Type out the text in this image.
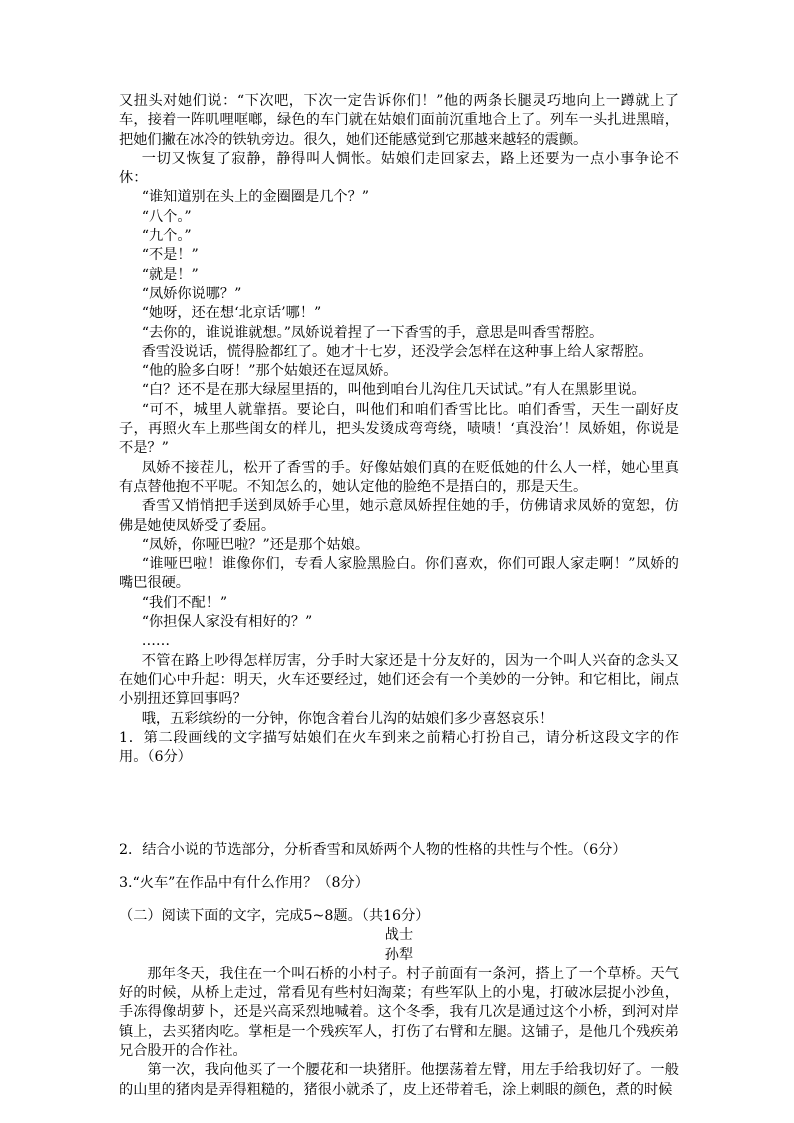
又扭头对她们说：“下次吧，下次一定告诉你们！”他的两条长腿灵巧地向上一蹲就上了车，接着一阵叽哩哐啷，绿色的车门就在姑娘们面前沉重地合上了。列车一头扎进黑暗，把她们撇在冰冷的铁轨旁边。很久，她们还能感觉到它那越来越轻的震颤。

一切又恢复了寂静，静得叫人惆怅。姑娘们走回家去，路上还要为一点小事争论不休：

“谁知道别在头上的金圈圈是几个？”

“八个。”

“九个。”

“不是！”

“就是！”

“凤娇你说哪？”

“她呀，还在想‘北京话’哪！”

“去你的，谁说谁就想。”凤娇说着捏了一下香雪的手，意思是叫香雪帮腔。

香雪没说话，慌得脸都红了。她才十七岁，还没学会怎样在这种事上给人家帮腔。

“他的脸多白呀！”那个姑娘还在逗凤娇。

“白？还不是在那大绿屋里捂的，叫他到咱台儿沟住几天试试。”有人在黑影里说。

“可不，城里人就靠捂。要论白，叫他们和咱们香雪比比。咱们香雪，天生一副好皮子，再照火车上那些闺女的样儿，把头发烫成弯弯绕，啧啧！‘真没治’！凤娇姐，你说是不是？”

凤娇不接茬儿，松开了香雪的手。好像姑娘们真的在贬低她的什么人一样，她心里真有点替他抱不平呢。不知怎么的，她认定他的脸绝不是捂白的，那是天生。

香雪又悄悄把手送到凤娇手心里，她示意凤娇捏住她的手，仿佛请求凤娇的宽恕，仿佛是她使凤娇受了委屈。

“凤娇，你哑巴啦？”还是那个姑娘。

“谁哑巴啦！谁像你们，专看人家脸黑脸白。你们喜欢，你们可跟人家走啊！”凤娇的嘴巴很硬。

“我们不配！”

“你担保人家没有相好的？”

……

不管在路上吵得怎样厉害，分手时大家还是十分友好的，因为一个叫人兴奋的念头又在她们心中升起：明天，火车还要经过，她们还会有一个美妙的一分钟。和它相比，闹点小别扭还算回事吗？

哦，五彩缤纷的一分钟，你饱含着台儿沟的姑娘们多少喜怒哀乐！

1．第二段画线的文字描写姑娘们在火车到来之前精心打扮自己，请分析这段文字的作用。（6分）

2．结合小说的节选部分，分析香雪和凤娇两个人物的性格的共性与个性。（6分）

3.“火车”在作品中有什么作用？（8分）

（二）阅读下面的文字，完成5~8题。（共16分）

战士

孙犁

那年冬天，我住在一个叫石桥的小村子。村子前面有一条河，搭上了一个草桥。天气好的时候，从桥上走过，常看见有些村妇淘菜；有些军队上的小鬼，打破冰层捉小沙鱼，手冻得像胡萝卜，还是兴高采烈地喊着。这个冬季，我有几次是通过这个小桥，到河对岸镇上，去买猪肉吃。掌柜是一个残疾军人，打伤了右臂和左腿。这铺子，是他几个残疾弟兄合股开的合作社。

第一次，我向他买了一个腰花和一块猪肝。他摆荡着左臂，用左手给我切好了。一般的山里的猪肉是弄得粗糙的，猪很小就杀了，皮上还带着毛，涂上刺眼的颜色，煮的时候
